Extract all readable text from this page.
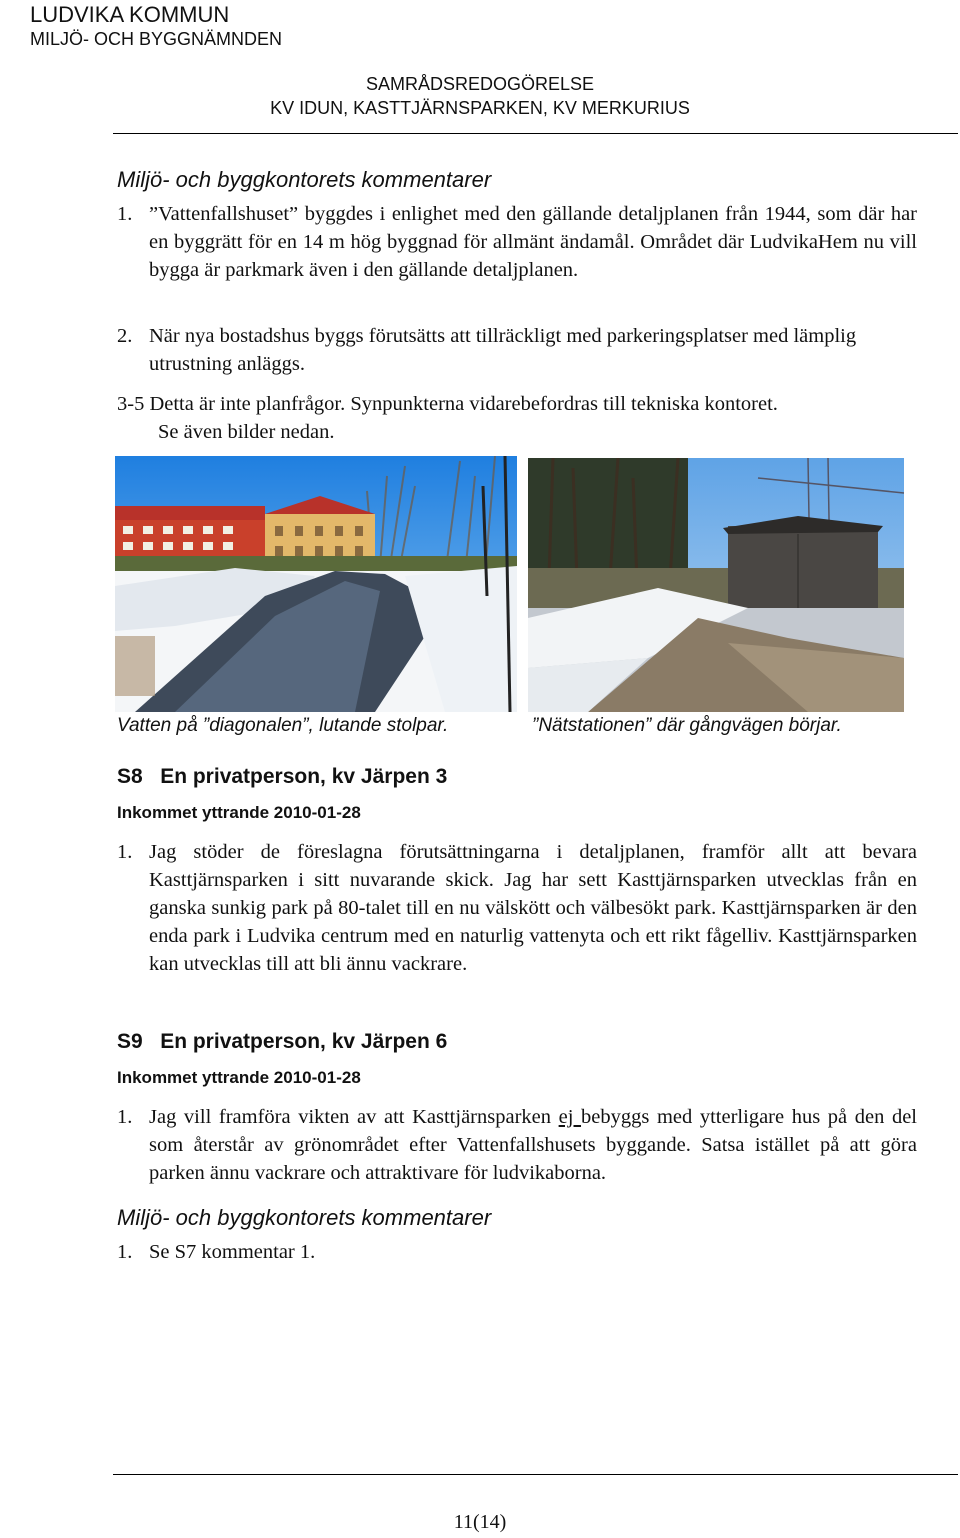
LUDVIKA KOMMUN
MILJÖ- OCH BYGGNÄMNDEN
SAMRÅDSREDOGÖRELSE
KV IDUN, KASTTJÄRNSPARKEN, KV MERKURIUS
Miljö- och byggkontorets kommentarer
1. ”Vattenfallshuset” byggdes i enlighet med den gällande detaljplanen från 1944, som där har en byggrätt för en 14 m hög byggnad för allmänt ändamål. Området där LudvikaHem nu vill bygga är parkmark även i den gällande detaljplanen.
2. När nya bostadshus byggs förutsätts att tillräckligt med parkeringsplatser med lämplig utrustning anläggs.
3-5 Detta är inte planfrågor. Synpunkterna vidarebefordras till tekniska kontoret.
Se även bilder nedan.
Vatten på ”diagonalen”, lutande stolpar.	”Nätstationen” där gångvägen börjar.
S8   En privatperson, kv Järpen 3
Inkommet yttrande 2010-01-28
1. Jag stöder de föreslagna förutsättningarna i detaljplanen, framför allt att bevara Kasttjärnsparken i sitt nuvarande skick. Jag har sett Kasttjärnsparken utvecklas från en ganska sunkig park på 80-talet till en nu välskött och välbesökt park. Kasttjärnsparken är den enda park i Ludvika centrum med en naturlig vattenyta och ett rikt fågelliv. Kasttjärnsparken kan utvecklas till att bli ännu vackrare.
S9   En privatperson, kv Järpen 6
Inkommet yttrande 2010-01-28
1. Jag vill framföra vikten av att Kasttjärnsparken ej bebyggs med ytterligare hus på den del som återstår av grönområdet efter Vattenfallshusets byggande. Satsa istället på att göra parken ännu vackrare och attraktivare för ludvikaborna.
Miljö- och byggkontorets kommentarer
1. Se S7 kommentar 1.
11(14)
